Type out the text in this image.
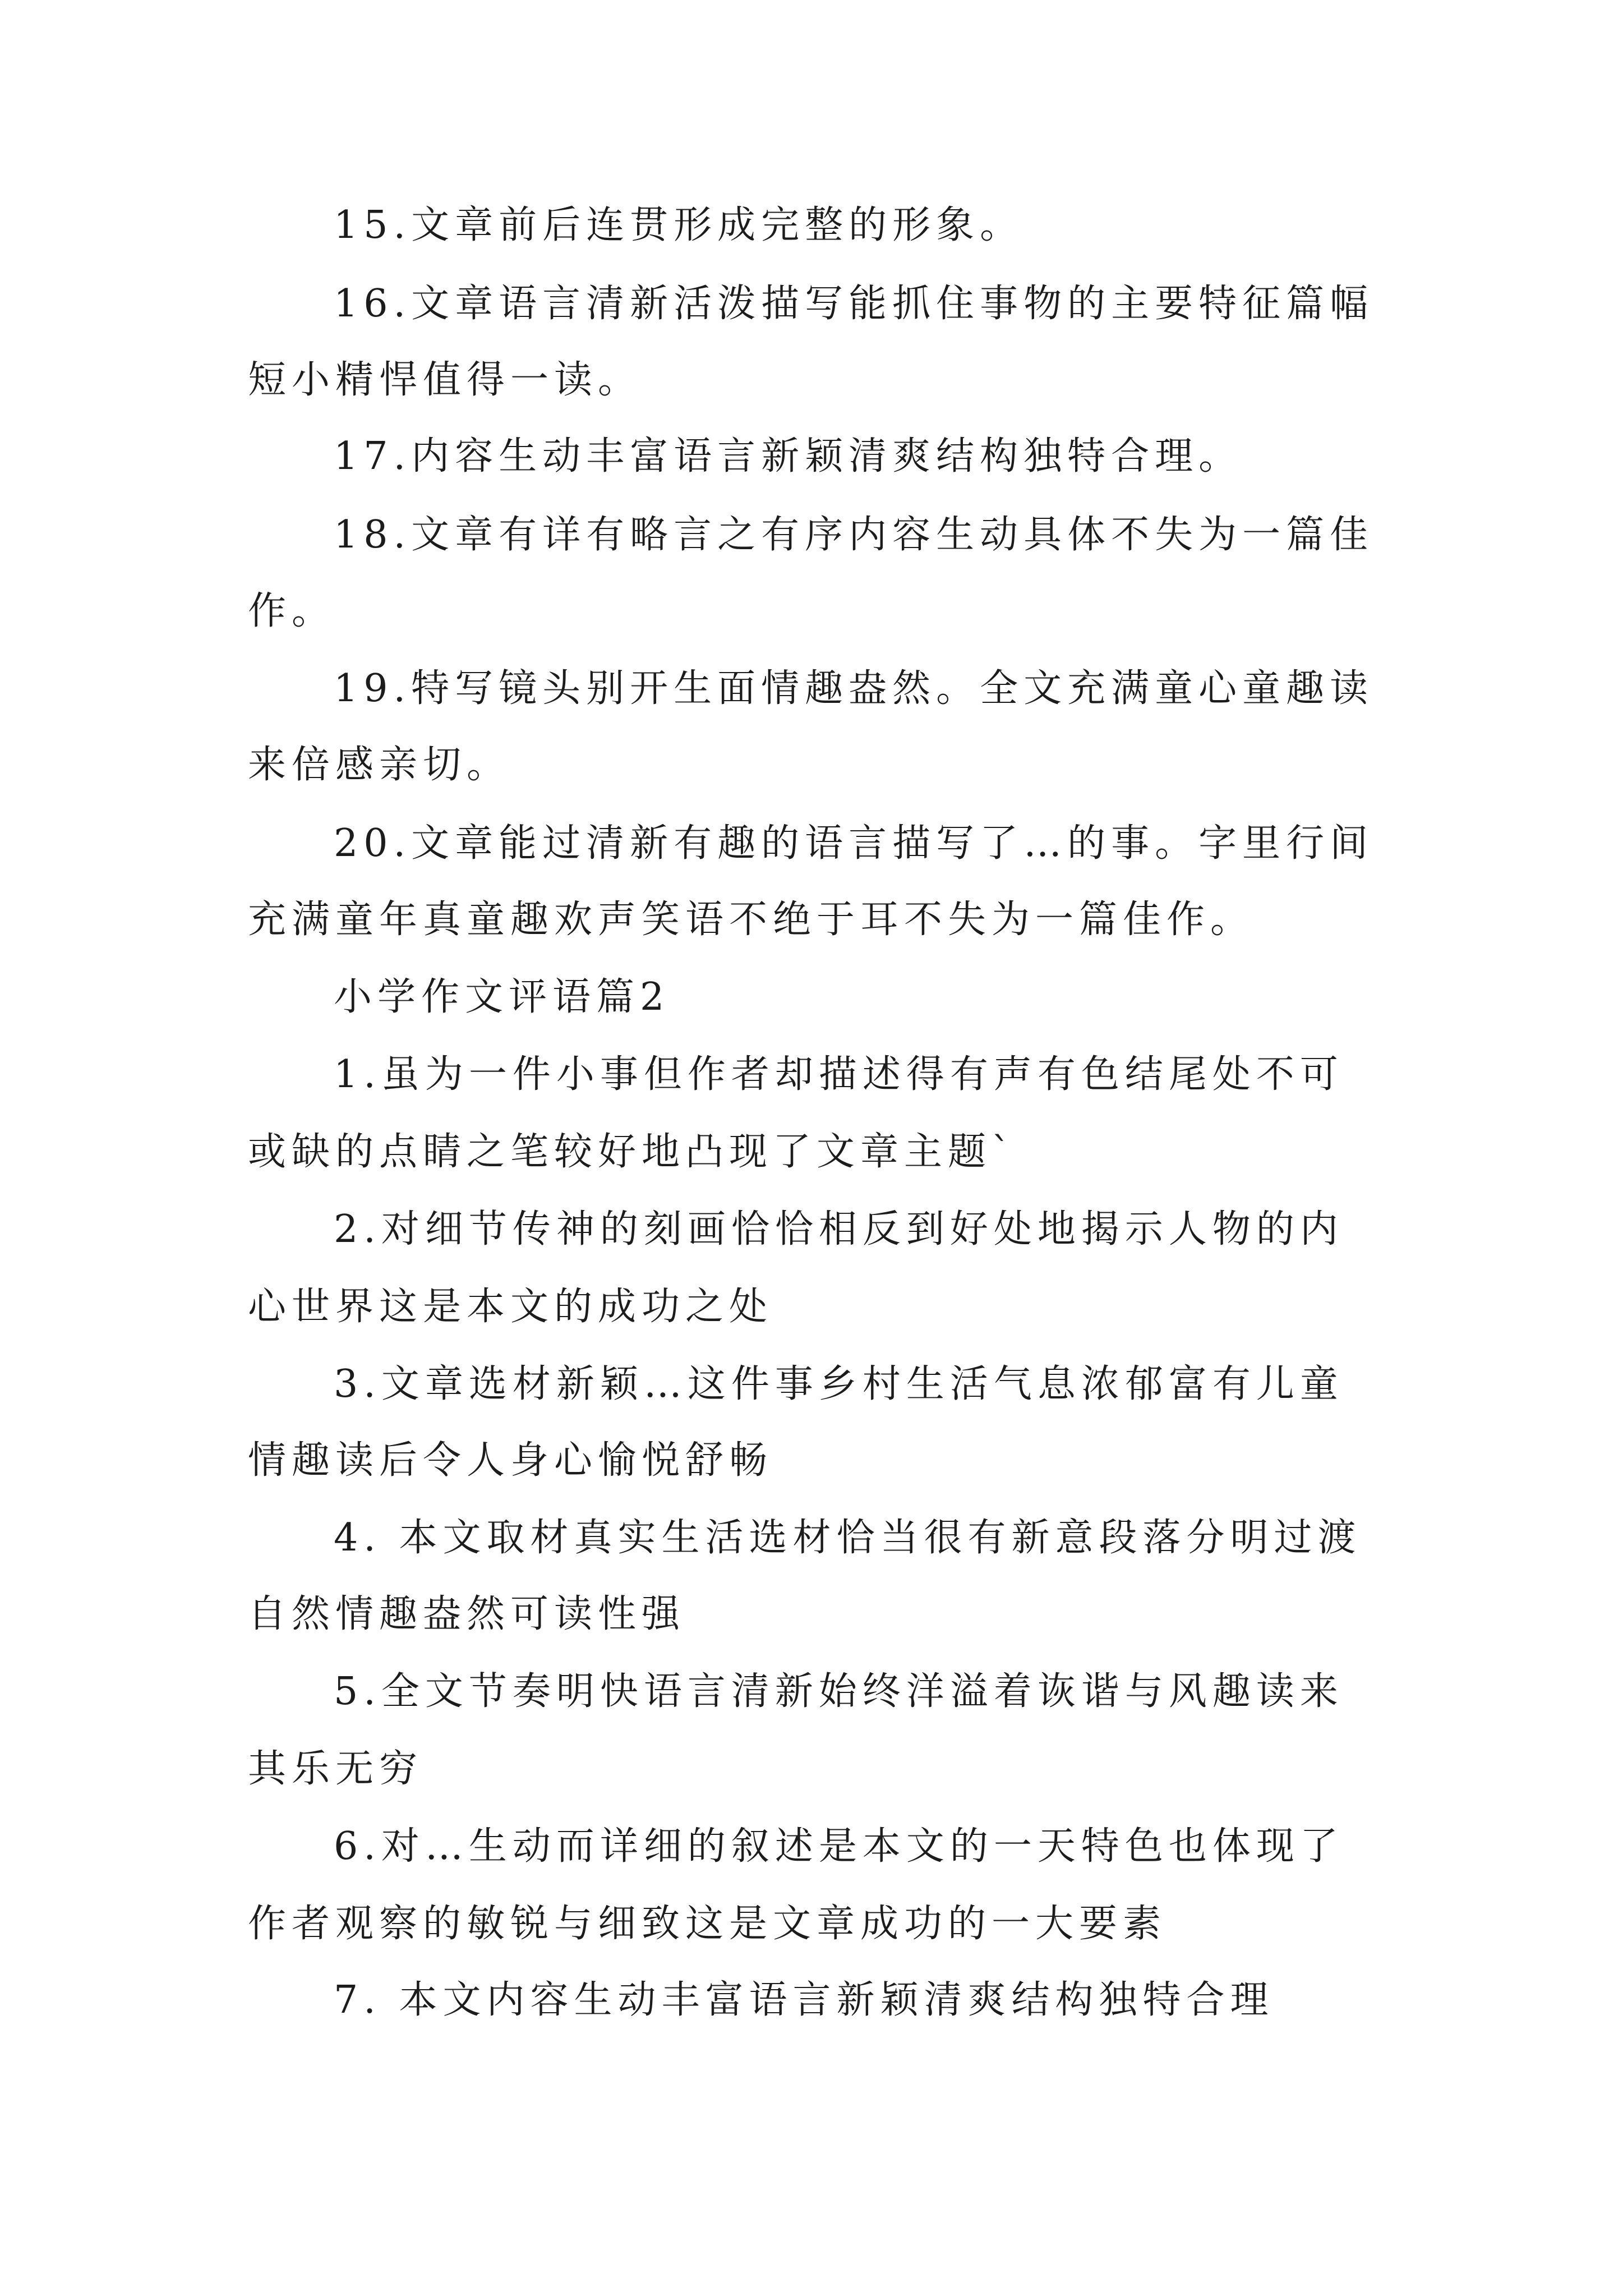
15.文章前后连贯形成完整的形象。
16.文章语言清新活泼描写能抓住事物的主要特征篇幅
短小精悍值得一读。
17.内容生动丰富语言新颖清爽结构独特合理。
18.文章有详有略言之有序内容生动具体不失为一篇佳
作。
19.特写镜头别开生面情趣盎然。全文充满童心童趣读
来倍感亲切。
20.文章能过清新有趣的语言描写了…的事。字里行间
充满童年真童趣欢声笑语不绝于耳不失为一篇佳作。
小学作文评语篇2
1.虽为一件小事但作者却描述得有声有色结尾处不可
或缺的点睛之笔较好地凸现了文章主题`
2.对细节传神的刻画恰恰相反到好处地揭示人物的内
心世界这是本文的成功之处
3.文章选材新颖…这件事乡村生活气息浓郁富有儿童
情趣读后令人身心愉悦舒畅
4. 本文取材真实生活选材恰当很有新意段落分明过渡
自然情趣盎然可读性强
5.全文节奏明快语言清新始终洋溢着诙谐与风趣读来
其乐无穷
6.对…生动而详细的叙述是本文的一天特色也体现了
作者观察的敏锐与细致这是文章成功的一大要素
7. 本文内容生动丰富语言新颖清爽结构独特合理
